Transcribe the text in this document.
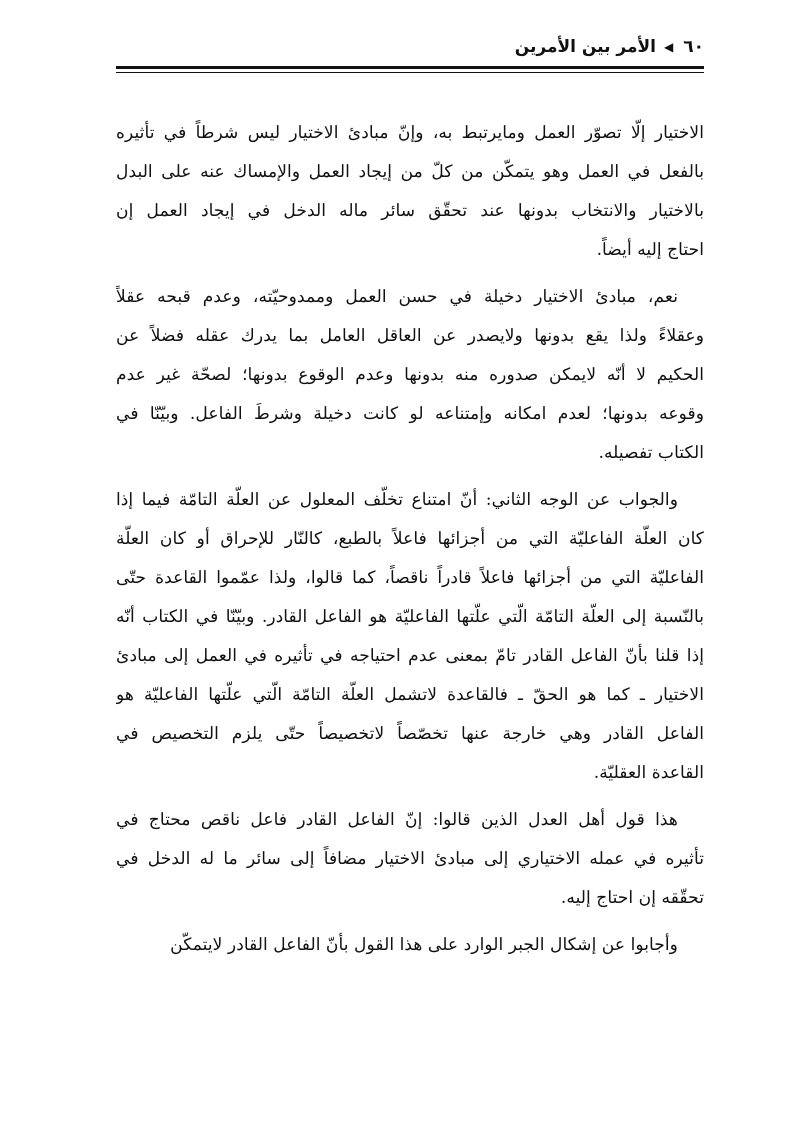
٦٠
▶
الأمر بين الأمرين

الاختيار إلّا تصوّر العمل ومايرتبط به، وإنّ مبادئ الاختيار ليس شرطاً في تأثيره
بالفعل في العمل وهو يتمكّن من كلّ من إيجاد العمل والإمساك عنه على البدل
بالاختيار والانتخاب بدونها عند تحقّق سائر ماله الدخل في إيجاد العمل إن
احتاج إليه أيضاً.

نعم، مبادئ الاختيار دخيلة في حسن العمل وممدوحيّته، وعدم قبحه عقلاً
وعقلاءً ولذا يقع بدونها ولايصدر عن العاقل العامل بما يدرك عقله فضلاً عن
الحكيم لا أنّه لايمكن صدوره منه بدونها وعدم الوقوع بدونها؛ لصحّة غير عدم
وقوعه بدونها؛ لعدم امكانه وإمتناعه لو كانت دخيلة وشرطَ الفاعل. وبيّنّا في
الكتاب تفصيله.

والجواب عن الوجه الثاني: أنّ امتناع تخلّف المعلول عن العلّة التامّة فيما إذا
كان العلّة الفاعليّة التي من أجزائها فاعلاً بالطبع، كالنّار للإحراق أو كان العلّة
الفاعليّة التي من أجزائها فاعلاً قادراً ناقصاً، كما قالوا، ولذا عمّموا القاعدة حتّى
بالنّسبة إلى العلّة التامّة الّتي علّتها الفاعليّة هو الفاعل القادر. وبيّنّا في الكتاب أنّه
إذا قلنا بأنّ الفاعل القادر تامّ بمعنى عدم احتياجه في تأثيره في العمل إلى مبادئ
الاختيار ـ كما هو الحقّ ـ فالقاعدة لاتشمل العلّة التامّة الّتي علّتها الفاعليّة هو
الفاعل القادر وهي خارجة عنها تخصّصاً لاتخصيصاً حتّى يلزم التخصيص في
القاعدة العقليّة.

هذا قول أهل العدل الذين قالوا: إنّ الفاعل القادر فاعل ناقص محتاج في
تأثيره في عمله الاختياري إلى مبادئ الاختيار مضافاً إلى سائر ما له الدخل في
تحقّقه إن احتاج إليه.

وأجابوا عن إشكال الجبر الوارد على هذا القول بأنّ الفاعل القادر لايتمكّن
